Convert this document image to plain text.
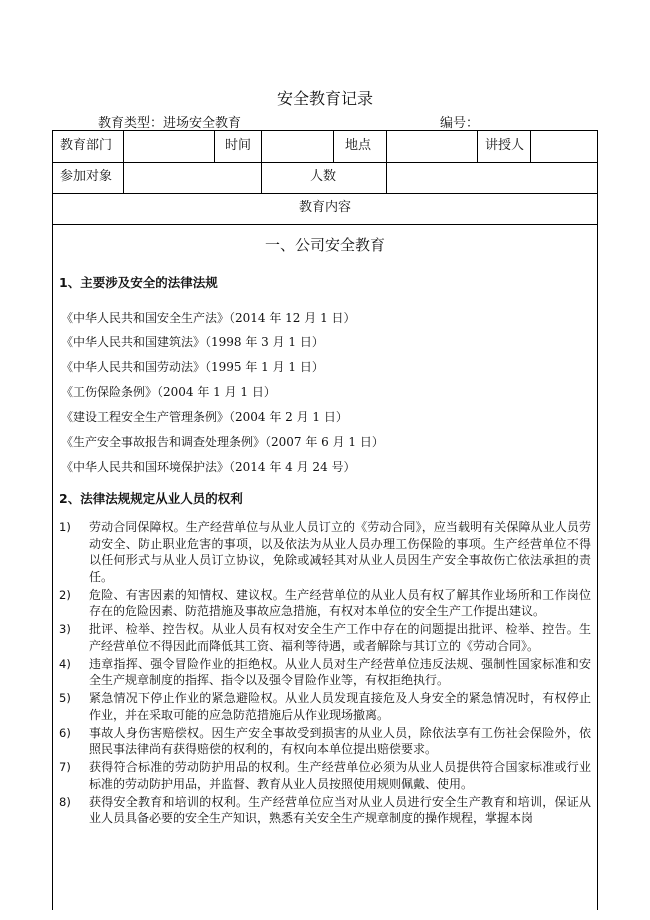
安全教育记录
教育类型：进场安全教育	编号：
教育部门	时间	地点	讲授人
参加对象	人数
教育内容
一、公司安全教育
1、主要涉及安全的法律法规
《中华人民共和国安全生产法》（2014 年 12 月 1 日）
《中华人民共和国建筑法》（1998 年 3 月 1 日）
《中华人民共和国劳动法》（1995 年 1 月 1 日）
《工伤保险条例》（2004 年 1 月 1 日）
《建设工程安全生产管理条例》（2004 年 2 月 1 日）
《生产安全事故报告和调查处理条例》（2007 年 6 月 1 日）
《中华人民共和国环境保护法》（2014 年 4 月 24 号）
2、法律法规规定从业人员的权利
1)	劳动合同保障权。生产经营单位与从业人员订立的《劳动合同》，应当载明有关保障从业人员劳动安全、防止职业危害的事项，以及依法为从业人员办理工伤保险的事项。生产经营单位不得以任何形式与从业人员订立协议，免除或减轻其对从业人员因生产安全事故伤亡依法承担的责任。
2)	危险、有害因素的知情权、建议权。生产经营单位的从业人员有权了解其作业场所和工作岗位存在的危险因素、防范措施及事故应急措施，有权对本单位的安全生产工作提出建议。
3)	批评、检举、控告权。从业人员有权对安全生产工作中存在的问题提出批评、检举、控告。生产经营单位不得因此而降低其工资、福利等待遇，或者解除与其订立的《劳动合同》。
4)	违章指挥、强令冒险作业的拒绝权。从业人员对生产经营单位违反法规、强制性国家标准和安全生产规章制度的指挥、指令以及强令冒险作业等，有权拒绝执行。
5)	紧急情况下停止作业的紧急避险权。从业人员发现直接危及人身安全的紧急情况时，有权停止作业，并在采取可能的应急防范措施后从作业现场撤离。
6)	事故人身伤害赔偿权。因生产安全事故受到损害的从业人员，除依法享有工伤社会保险外，依照民事法律尚有获得赔偿的权利的，有权向本单位提出赔偿要求。
7)	获得符合标准的劳动防护用品的权利。生产经营单位必须为从业人员提供符合国家标准或行业标准的劳动防护用品，并监督、教育从业人员按照使用规则佩戴、使用。
8)	获得安全教育和培训的权利。生产经营单位应当对从业人员进行安全生产教育和培训，保证从业人员具备必要的安全生产知识，熟悉有关安全生产规章制度的操作规程，掌握本岗
